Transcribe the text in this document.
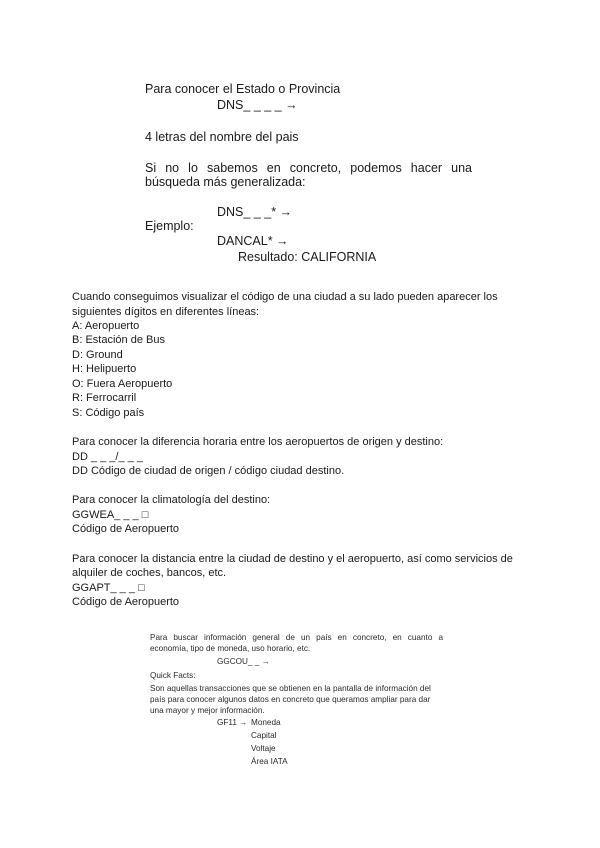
Para conocer el Estado o Provincia
DNS_ _ _ _ →
4 letras del nombre del pais
Si no lo sabemos en concreto, podemos hacer una
búsqueda más generalizada:
DNS_ _ _* →
Ejemplo:
DANCAL* →
Resultado: CALIFORNIA
Cuando conseguimos visualizar el código de una ciudad a su lado pueden aparecer los
siguientes dígitos en diferentes líneas:
A: Aeropuerto
B: Estación de Bus
D: Ground
H: Helipuerto
O: Fuera Aeropuerto
R: Ferrocarril
S: Código país
Para conocer la diferencia horaria entre los aeropuertos de origen y destino:
DD _ _ _/_ _ _
DD Código de ciudad de origen / código ciudad destino.
Para conocer la climatología del destino:
GGWEA_ _ _ □
Código de Aeropuerto
Para conocer la distancia entre la ciudad de destino y el aeropuerto, así como servicios de
alquiler de coches, bancos, etc.
GGAPT_ _ _ □
Código de Aeropuerto
Para buscar información general de un país en concreto, en cuanto a
economía, tipo de moneda, uso horario, etc.
GGCOU_ _ →
Quick Facts:
Son aquellas transacciones que se obtienen en la pantalla de información del
país para conocer algunos datos en concreto que queramos ampliar para dar
una mayor y mejor información.
GF11 → Moneda
Capital
Voltaje
Área IATA
